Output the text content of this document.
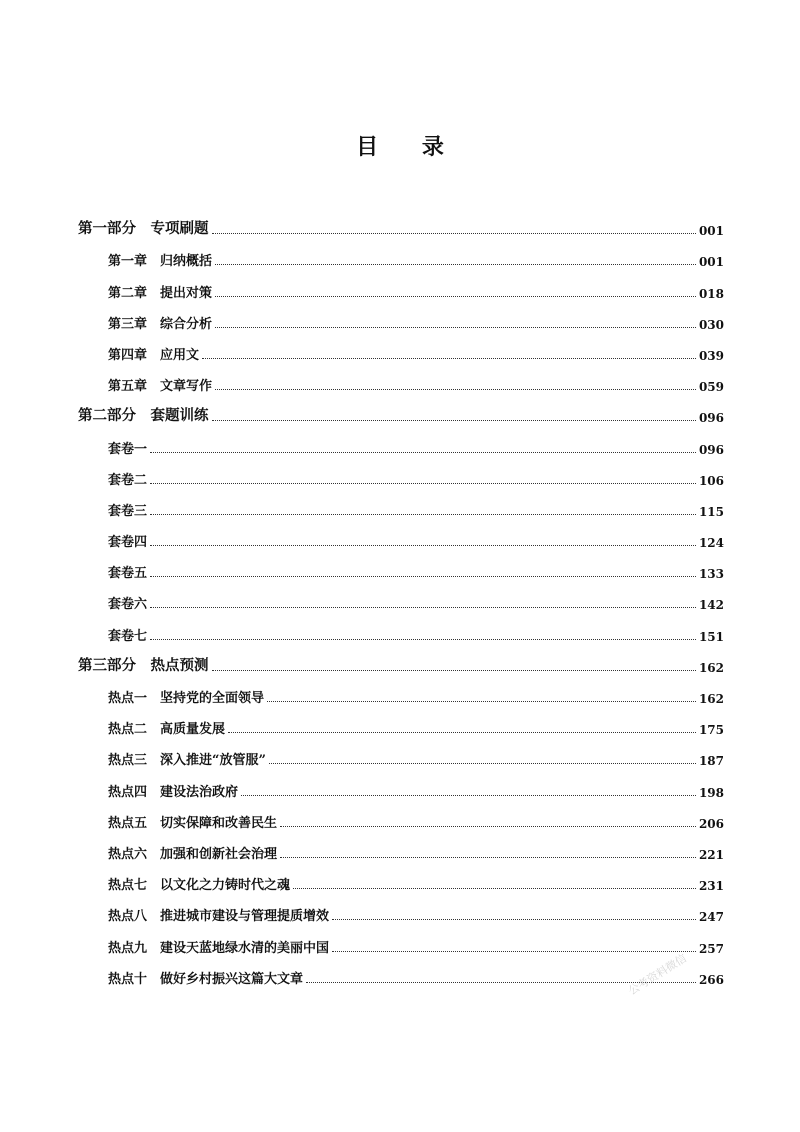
目 录
第一部分　专项刷题	001
第一章　归纳概括	001
第二章　提出对策	018
第三章　综合分析	030
第四章　应用文	039
第五章　文章写作	059
第二部分　套题训练	096
套卷一	096
套卷二	106
套卷三	115
套卷四	124
套卷五	133
套卷六	142
套卷七	151
第三部分　热点预测	162
热点一　坚持党的全面领导	162
热点二　高质量发展	175
热点三　深入推进“放管服”	187
热点四　建设法治政府	198
热点五　切实保障和改善民生	206
热点六　加强和创新社会治理	221
热点七　以文化之力铸时代之魂	231
热点八　推进城市建设与管理提质增效	247
热点九　建设天蓝地绿水清的美丽中国	257
热点十　做好乡村振兴这篇大文章	266
公考资料微信
